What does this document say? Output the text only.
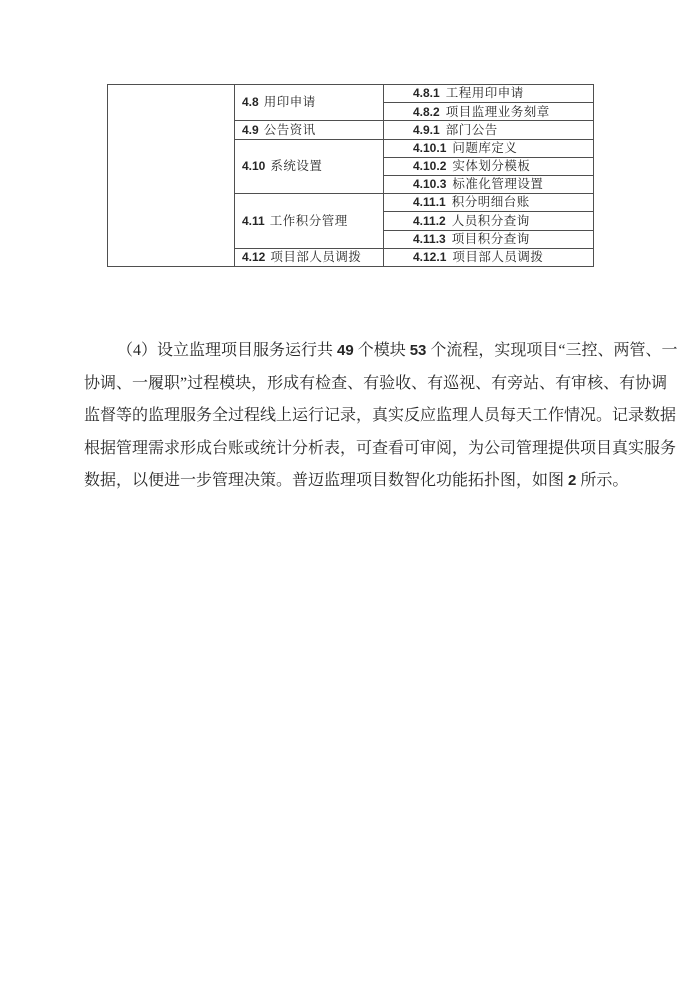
	4.8 用印申请	4.8.1 工程用印申请
		4.8.2 项目监理业务刻章
	4.9 公告资讯	4.9.1 部门公告
	4.10 系统设置	4.10.1 问题库定义
		4.10.2 实体划分模板
		4.10.3 标准化管理设置
	4.11 工作积分管理	4.11.1 积分明细台账
		4.11.2 人员积分查询
		4.11.3 项目积分查询
	4.12 项目部人员调拨	4.12.1 项目部人员调拨
（4）设立监理项目服务运行共 49 个模块 53 个流程，实现项目“三控、两管、一
协调、一履职”过程模块，形成有检查、有验收、有巡视、有旁站、有审核、有协调
监督等的监理服务全过程线上运行记录，真实反应监理人员每天工作情况。记录数据
根据管理需求形成台账或统计分析表，可查看可审阅，为公司管理提供项目真实服务
数据，以便进一步管理决策。普迈监理项目数智化功能拓扑图，如图 2 所示。
